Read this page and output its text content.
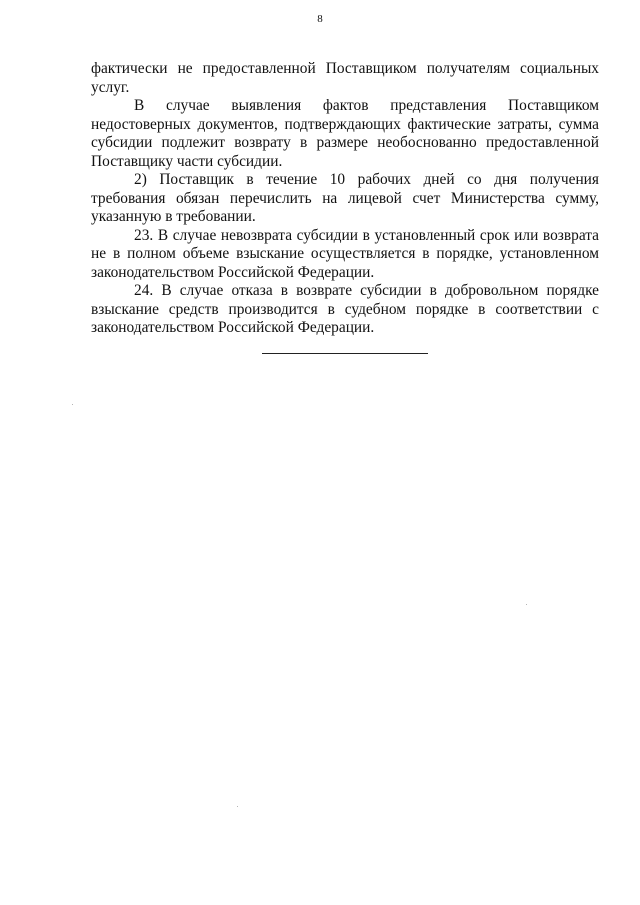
8

фактически не предоставленной Поставщиком получателям социальных услуг.

В случае выявления фактов представления Поставщиком недостоверных документов, подтверждающих фактические затраты, сумма субсидии подлежит возврату в размере необоснованно предоставленной Поставщику части субсидии.

2) Поставщик в течение 10 рабочих дней со дня получения требования обязан перечислить на лицевой счет Министерства сумму, указанную в требовании.

23. В случае невозврата субсидии в установленный срок или возврата не в полном объеме взыскание осуществляется в порядке, установленном законодательством Российской Федерации.

24. В случае отказа в возврате субсидии в добровольном порядке взыскание средств производится в судебном порядке в соответствии с законодательством Российской Федерации.
